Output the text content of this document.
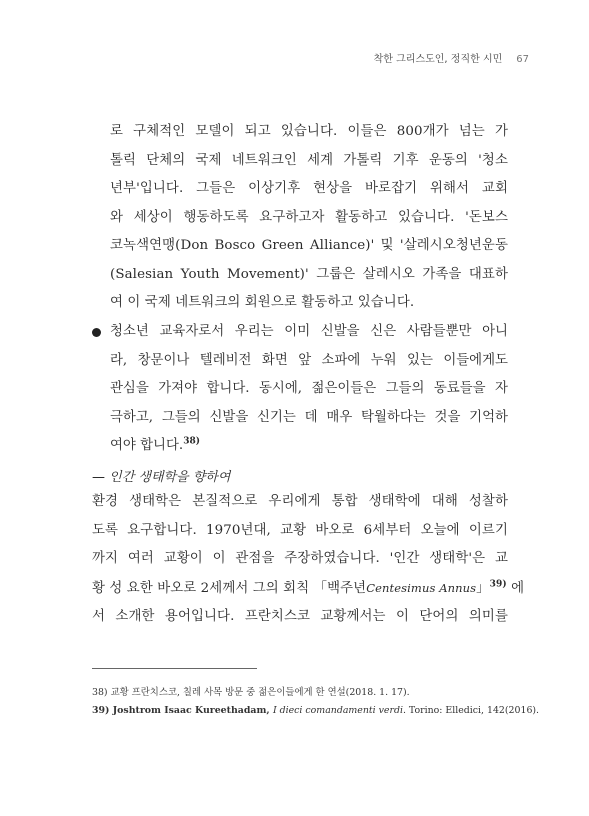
착한 그리스도인, 정직한 시민 67
로 구체적인 모델이 되고 있습니다. 이들은 800개가 넘는 가
톨릭 단체의 국제 네트워크인 세계 가톨릭 기후 운동의 '청소
년부'입니다. 그들은 이상기후 현상을 바로잡기 위해서 교회
와 세상이 행동하도록 요구하고자 활동하고 있습니다. '돈보스
코녹색연맹(Don Bosco Green Alliance)' 및 '살레시오청년운동
(Salesian Youth Movement)' 그룹은 살레시오 가족을 대표하
여 이 국제 네트워크의 회원으로 활동하고 있습니다.
청소년 교육자로서 우리는 이미 신발을 신은 사람들뿐만 아니
라, 창문이나 텔레비전 화면 앞 소파에 누워 있는 이들에게도
관심을 가져야 합니다. 동시에, 젊은이들은 그들의 동료들을 자
극하고, 그들의 신발을 신기는 데 매우 탁월하다는 것을 기억하
여야 합니다.$^{38)}$
— 인간 생태학을 향하여
환경 생태학은 본질적으로 우리에게 통합 생태학에 대해 성찰하
도록 요구합니다. 1970년대, 교황 바오로 6세부터 오늘에 이르기
까지 여러 교황이 이 관점을 주장하였습니다. '인간 생태학'은 교
황 성 요한 바오로 2세께서 그의 회칙 「백주년Centesimus Annus」$^{39)}$ 에
서 소개한 용어입니다. 프란치스코 교황께서는 이 단어의 의미를
38) 교황 프란치스코, 칠레 사목 방문 중 젊은이들에게 한 연설(2018. 1. 17).
39) Joshtrom Isaac Kureethadam, I dieci comandamenti verdi. Torino: Elledici, 142(2016).
